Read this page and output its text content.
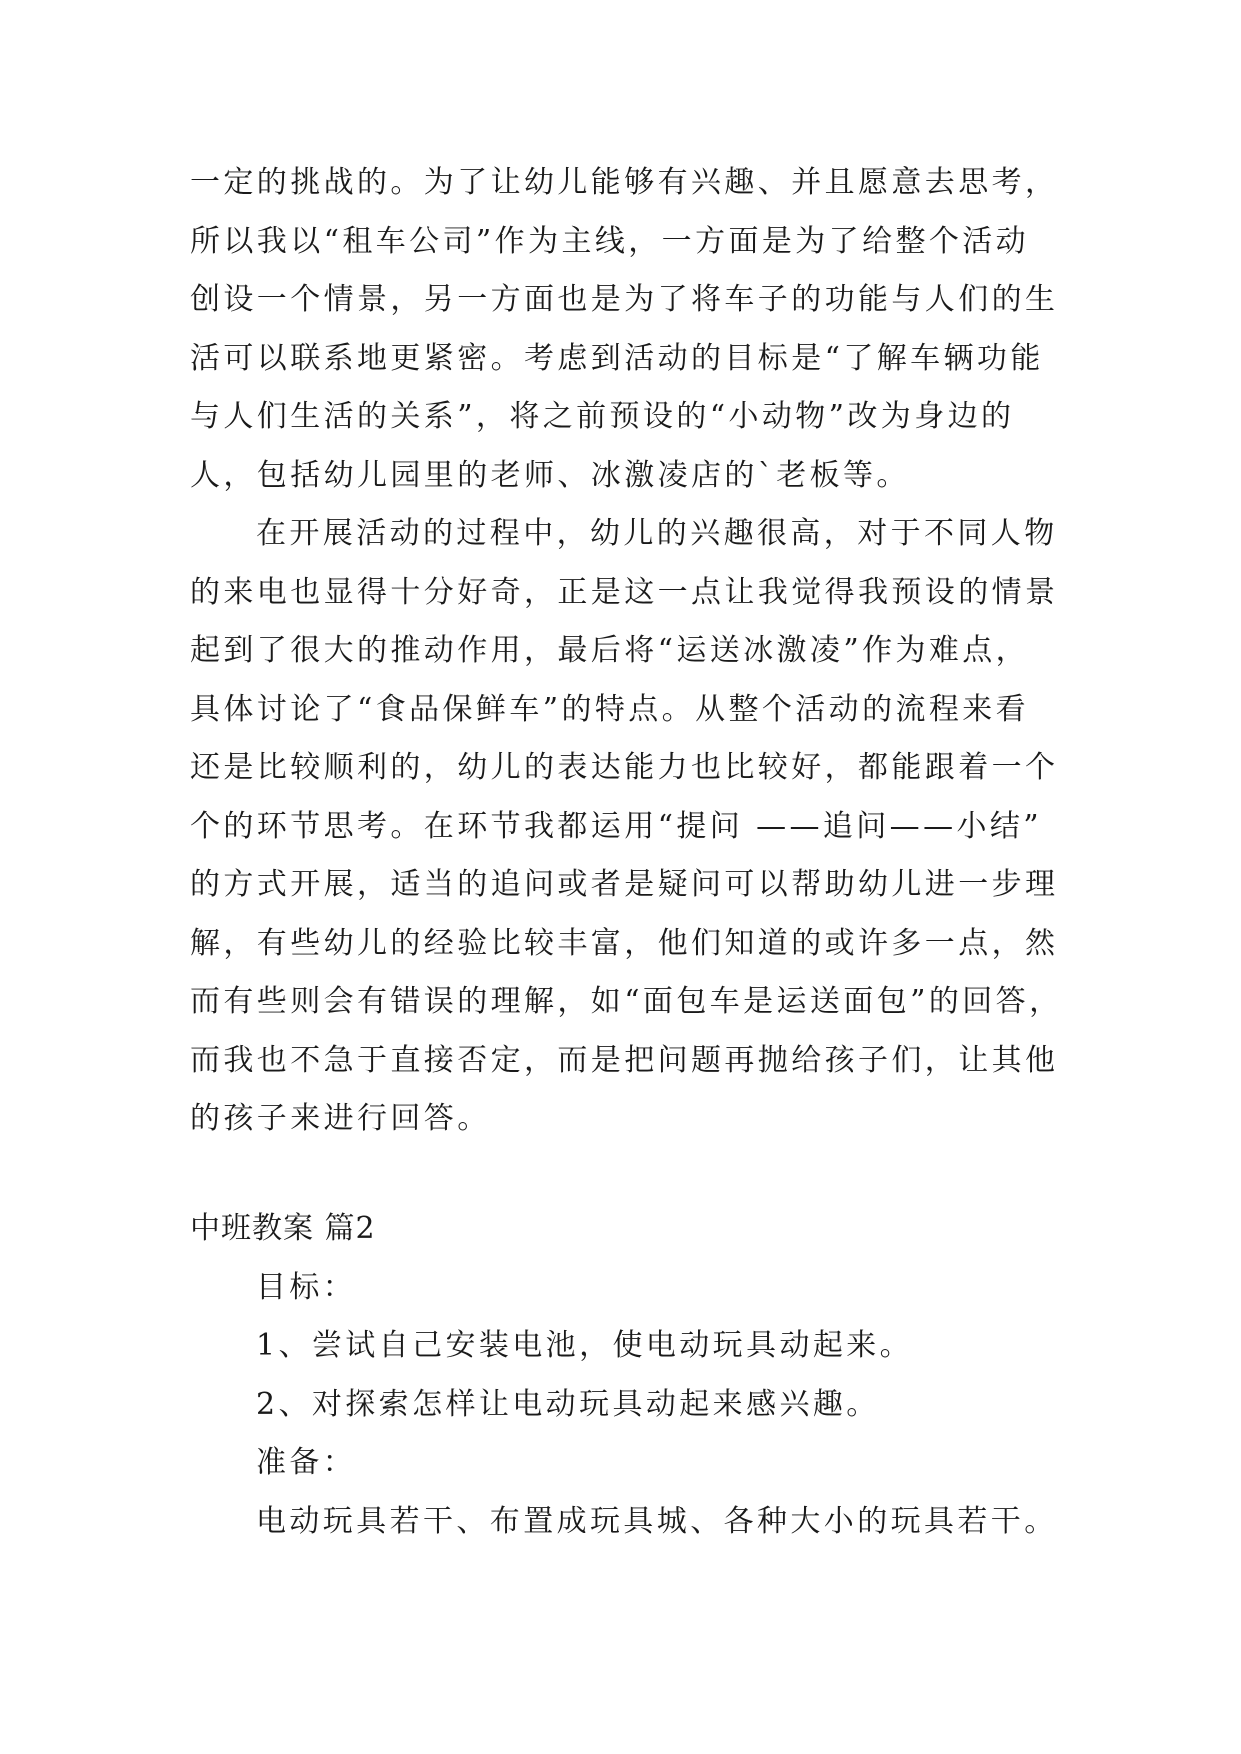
一定的挑战的。为了让幼儿能够有兴趣、并且愿意去思考，

所以我以“租车公司”作为主线，一方面是为了给整个活动

创设一个情景，另一方面也是为了将车子的功能与人们的生

活可以联系地更紧密。考虑到活动的目标是“了解车辆功能

与人们生活的关系”，将之前预设的“小动物”改为身边的

人，包括幼儿园里的老师、冰激凌店的`老板等。

在开展活动的过程中，幼儿的兴趣很高，对于不同人物

的来电也显得十分好奇，正是这一点让我觉得我预设的情景

起到了很大的推动作用，最后将“运送冰激凌”作为难点，

具体讨论了“食品保鲜车”的特点。从整个活动的流程来看

还是比较顺利的，幼儿的表达能力也比较好，都能跟着一个

个的环节思考。在环节我都运用“提问 ——追问——小结”

的方式开展，适当的追问或者是疑问可以帮助幼儿进一步理

解，有些幼儿的经验比较丰富，他们知道的或许多一点，然

而有些则会有错误的理解，如“面包车是运送面包”的回答，

而我也不急于直接否定，而是把问题再抛给孩子们，让其他

的孩子来进行回答。

中班教案 篇2

目标：

1、尝试自己安装电池，使电动玩具动起来。

2、对探索怎样让电动玩具动起来感兴趣。

准备：

电动玩具若干、布置成玩具城、各种大小的玩具若干。
